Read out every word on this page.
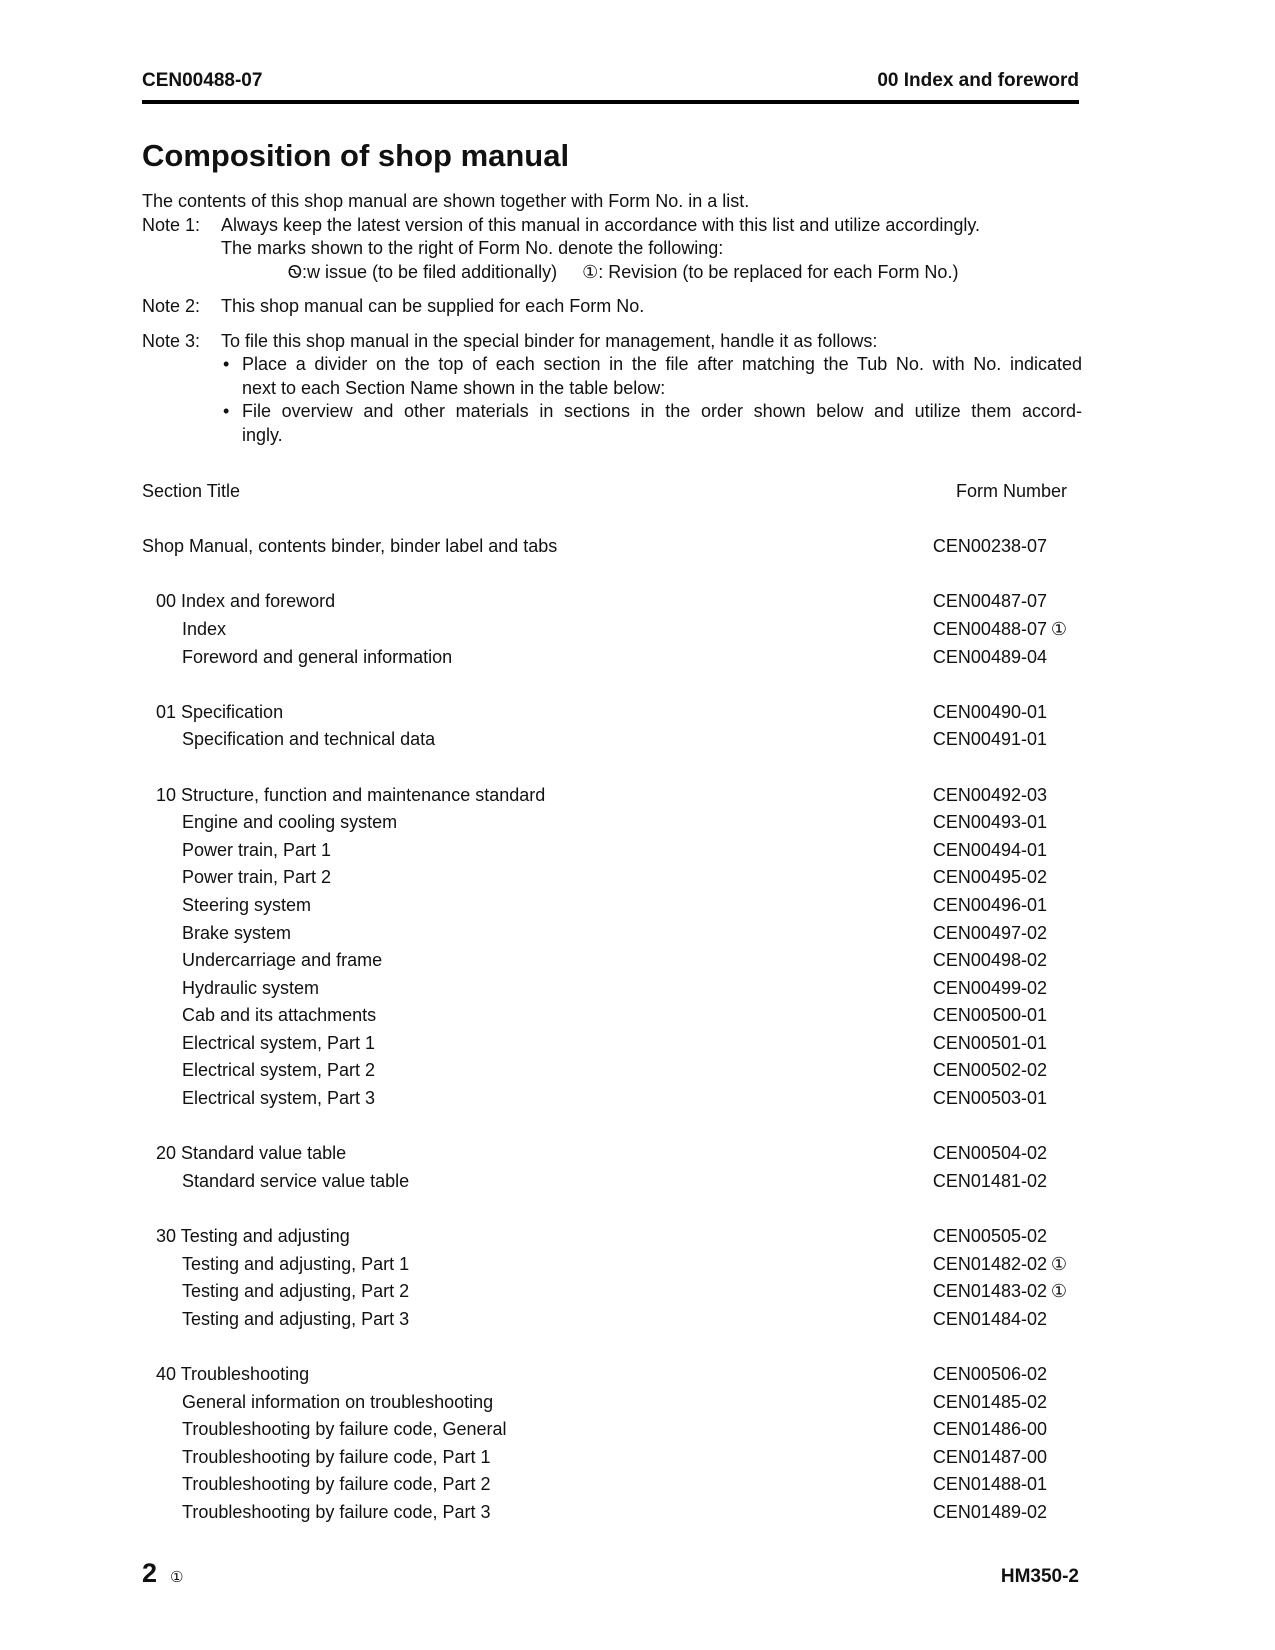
CEN00488-07	00 Index and foreword
Composition of shop manual
The contents of this shop manual are shown together with Form No. in a list.
Note 1:	Always keep the latest version of this manual in accordance with this list and utilize accordingly.
The marks shown to the right of Form No. denote the following:
Ꮻ:w issue (to be filed additionally)     ①: Revision (to be replaced for each Form No.)
Note 2:	This shop manual can be supplied for each Form No.
Note 3:	To file this shop manual in the special binder for management, handle it as follows:
• Place a divider on the top of each section in the file after matching the Tub No. with No. indicated
next to each Section Name shown in the table below:
• File overview and other materials in sections in the order shown below and utilize them accord-
ingly.
Section Title	Form Number
Shop Manual, contents binder, binder label and tabs	CEN00238-07
00 Index and foreword	CEN00487-07
Index	CEN00488-07 ①
Foreword and general information	CEN00489-04
01 Specification	CEN00490-01
Specification and technical data	CEN00491-01
10 Structure, function and maintenance standard	CEN00492-03
Engine and cooling system	CEN00493-01
Power train, Part 1	CEN00494-01
Power train, Part 2	CEN00495-02
Steering system	CEN00496-01
Brake system	CEN00497-02
Undercarriage and frame	CEN00498-02
Hydraulic system	CEN00499-02
Cab and its attachments	CEN00500-01
Electrical system, Part 1	CEN00501-01
Electrical system, Part 2	CEN00502-02
Electrical system, Part 3	CEN00503-01
20 Standard value table	CEN00504-02
Standard service value table	CEN01481-02
30 Testing and adjusting	CEN00505-02
Testing and adjusting, Part 1	CEN01482-02 ①
Testing and adjusting, Part 2	CEN01483-02 ①
Testing and adjusting, Part 3	CEN01484-02
40 Troubleshooting	CEN00506-02
General information on troubleshooting	CEN01485-02
Troubleshooting by failure code, General	CEN01486-00
Troubleshooting by failure code, Part 1	CEN01487-00
Troubleshooting by failure code, Part 2	CEN01488-01
Troubleshooting by failure code, Part 3	CEN01489-02
2 ①	HM350-2
